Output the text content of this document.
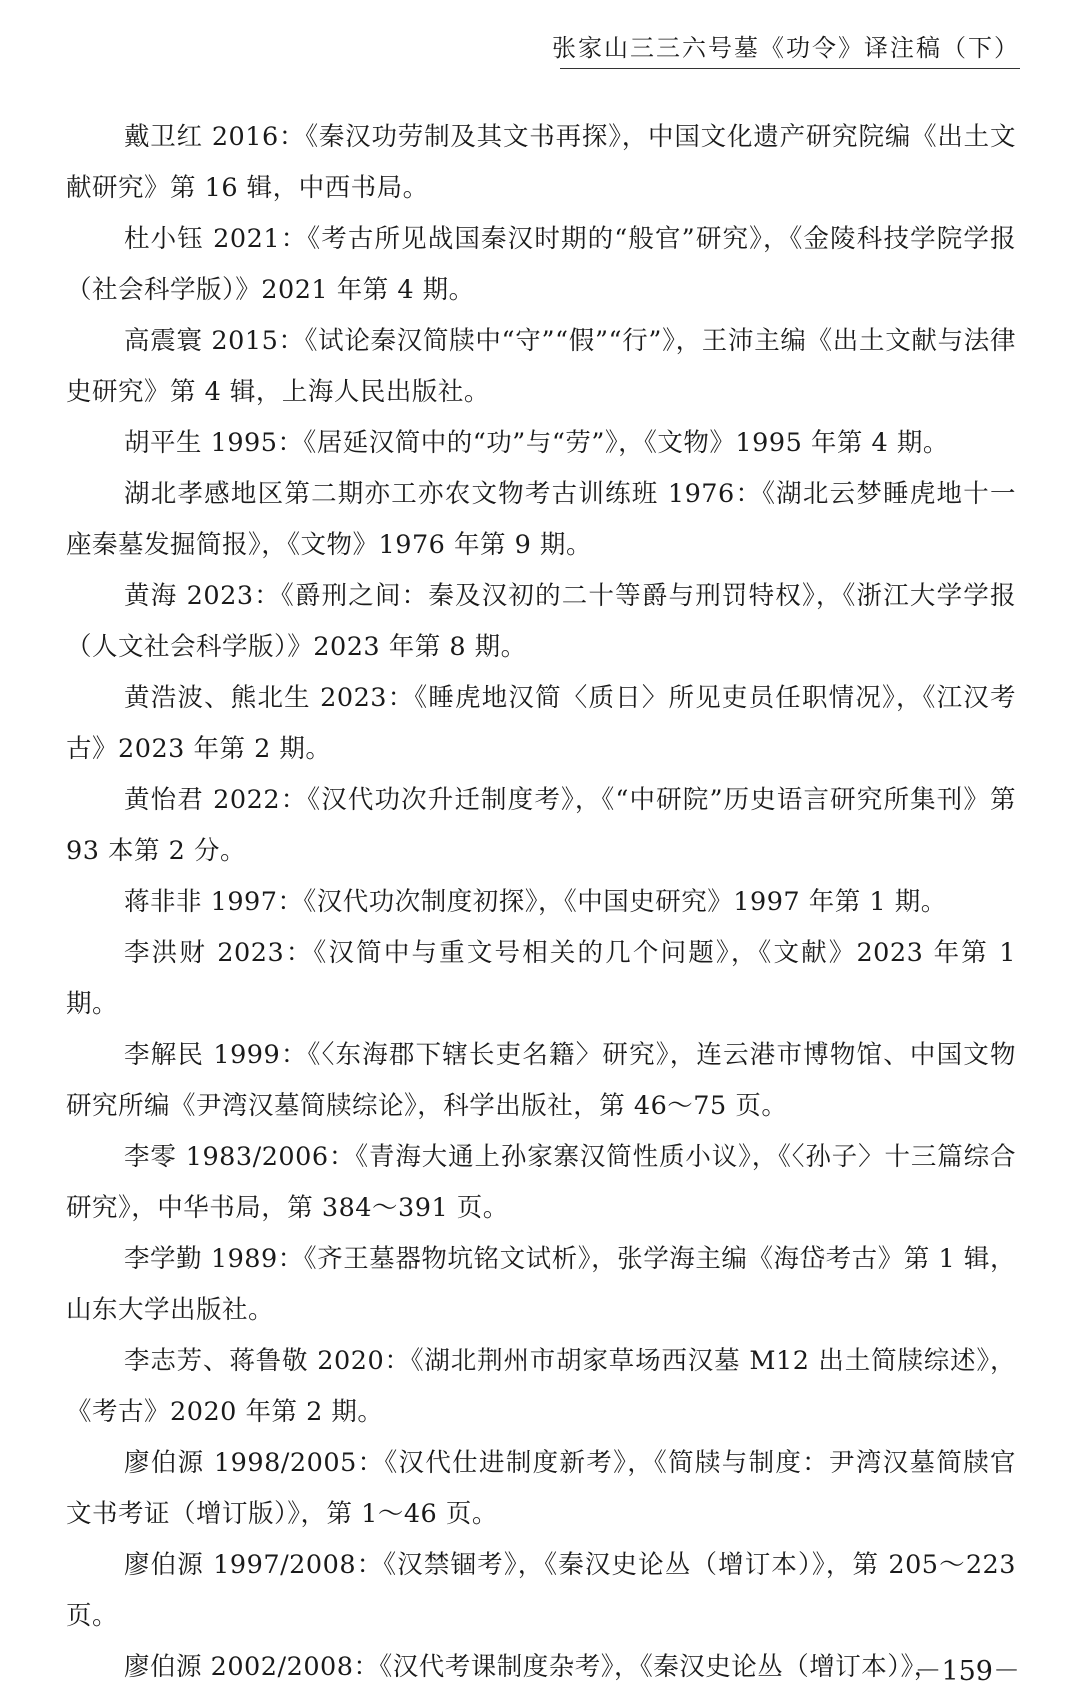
张家山三三六号墓《功令》译注稿（下）

戴卫红 2016：《秦汉功劳制及其文书再探》，中国文化遗产研究院编《出土文献研究》第 16 辑，中西书局。

杜小钰 2021：《考古所见战国秦汉时期的“般官”研究》，《金陵科技学院学报（社会科学版）》2021 年第 4 期。

高震寰 2015：《试论秦汉简牍中“守”“假”“行”》，王沛主编《出土文献与法律史研究》第 4 辑，上海人民出版社。

胡平生 1995：《居延汉简中的“功”与“劳”》，《文物》1995 年第 4 期。

湖北孝感地区第二期亦工亦农文物考古训练班 1976：《湖北云梦睡虎地十一座秦墓发掘简报》，《文物》1976 年第 9 期。

黄海 2023：《爵刑之间：秦及汉初的二十等爵与刑罚特权》，《浙江大学学报（人文社会科学版）》2023 年第 8 期。

黄浩波、熊北生 2023：《睡虎地汉简〈质日〉所见吏员任职情况》，《江汉考古》2023 年第 2 期。

黄怡君 2022：《汉代功次升迁制度考》，《“中研院”历史语言研究所集刊》第 93 本第 2 分。

蒋非非 1997：《汉代功次制度初探》，《中国史研究》1997 年第 1 期。

李洪财 2023：《汉简中与重文号相关的几个问题》，《文献》2023 年第 1 期。

李解民 1999：《〈东海郡下辖长吏名籍〉研究》，连云港市博物馆、中国文物研究所编《尹湾汉墓简牍综论》，科学出版社，第 46～75 页。

李零 1983/2006：《青海大通上孙家寨汉简性质小议》，《〈孙子〉十三篇综合研究》，中华书局，第 384～391 页。

李学勤 1989：《齐王墓器物坑铭文试析》，张学海主编《海岱考古》第 1 辑，山东大学出版社。

李志芳、蒋鲁敬 2020：《湖北荆州市胡家草场西汉墓 M12 出土简牍综述》，《考古》2020 年第 2 期。

廖伯源 1998/2005：《汉代仕进制度新考》，《简牍与制度：尹湾汉墓简牍官文书考证（增订版）》，第 1～46 页。

廖伯源 1997/2008：《汉禁锢考》，《秦汉史论丛（增订本）》，第 205～223 页。

廖伯源 2002/2008：《汉代考课制度杂考》，《秦汉史论丛（增订本）》，

－159－
